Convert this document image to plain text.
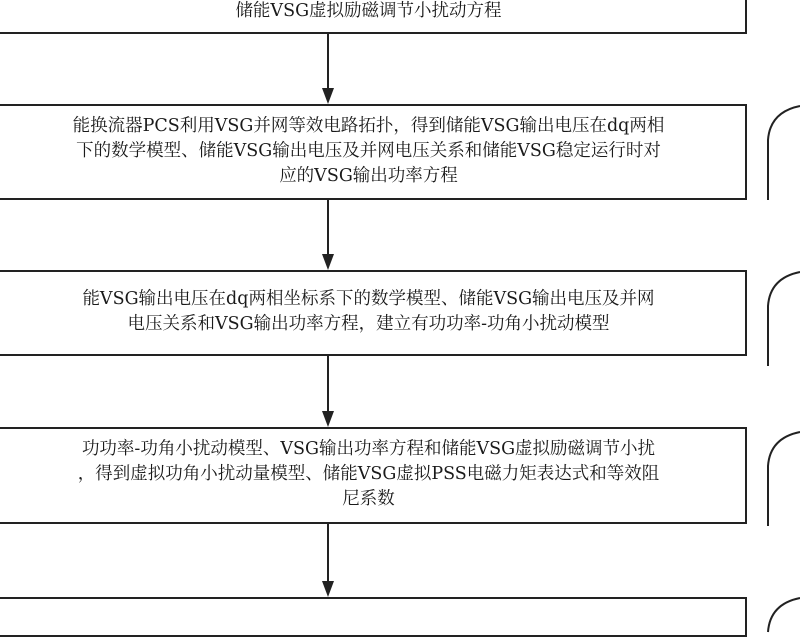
储能VSG虚拟励磁调节小扰动方程
能换流器PCS利用VSG并网等效电路拓扑，得到储能VSG输出电压在dq两相
下的数学模型、储能VSG输出电压及并网电压关系和储能VSG稳定运行时对
应的VSG输出功率方程
能VSG输出电压在dq两相坐标系下的数学模型、储能VSG输出电压及并网
电压关系和VSG输出功率方程，建立有功功率-功角小扰动模型
功功率-功角小扰动模型、VSG输出功率方程和储能VSG虚拟励磁调节小扰
，得到虚拟功角小扰动量模型、储能VSG虚拟PSS电磁力矩表达式和等效阻
尼系数
